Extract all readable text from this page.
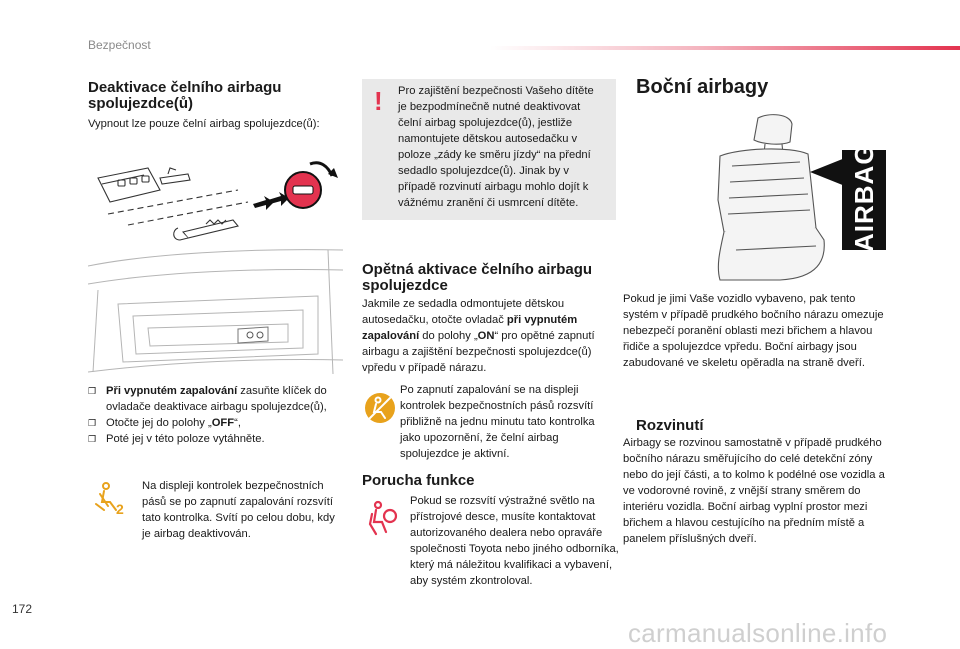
Bezpečnost
Deaktivace čelního airbagu spolujezdce(ů)

Vypnout lze pouze čelní airbag spolujezdce(ů):

❒ Při vypnutém zapalování zasuňte klíček do ovladače deaktivace airbagu spolujezdce(ů),
❒ Otočte jej do polohy „OFF“,
❒ Poté jej v této poloze vytáhněte.
2

Na displeji kontrolek bezpečnostních pásů se po zapnutí zapalování rozsvítí tato kontrolka. Svítí po celou dobu, kdy je airbag deaktivován.

! Pro zajištění bezpečnosti Vašeho dítěte je bezpodmínečně nutné deaktivovat čelní airbag spolujezdce(ů), jestliže namontujete dětskou autosedačku v poloze „zády ke směru jízdy“ na přední sedadlo spolujezdce(ů). Jinak by v případě rozvinutí airbagu mohlo dojít k vážnému zranění či usmrcení dítěte.

Opětná aktivace čelního airbagu spolujezdce

Jakmile ze sedadla odmontujete dětskou autosedačku, otočte ovladač při vypnutém zapalování do polohy „ON“ pro opětné zapnutí airbagu a zajištění bezpečnosti spolujezdce(ů) vpředu v případě nárazu.

Po zapnutí zapalování se na displeji kontrolek bezpečnostních pásů rozsvítí přibližně na jednu minutu tato kontrolka jako upozornění, že čelní airbag spolujezdce je aktivní.

Porucha funkce

Pokud se rozsvítí výstražné světlo na přístrojové desce, musíte kontaktovat autorizovaného dealera nebo opraváře společnosti Toyota nebo jiného odborníka, který má náležitou kvalifikaci a vybavení, aby systém zkontroloval.

Boční airbagy
AIRBAG

Pokud je jimi Vaše vozidlo vybaveno, pak tento systém v případě prudkého bočního nárazu omezuje nebezpečí poranění oblasti mezi břichem a hlavou řidiče a spolujezdce vpředu. Boční airbagy jsou zabudované ve skeletu opěradla na straně dveří.

Rozvinutí

Airbagy se rozvinou samostatně v případě prudkého bočního nárazu směřujícího do celé detekční zóny nebo do její části, a to kolmo k podélné ose vozidla a ve vodorovné rovině, z vnější strany směrem do interiéru vozidla. Boční airbag vyplní prostor mezi břichem a hlavou cestujícího na předním místě a panelem příslušných dveří.

172
carmanualsonline.info
